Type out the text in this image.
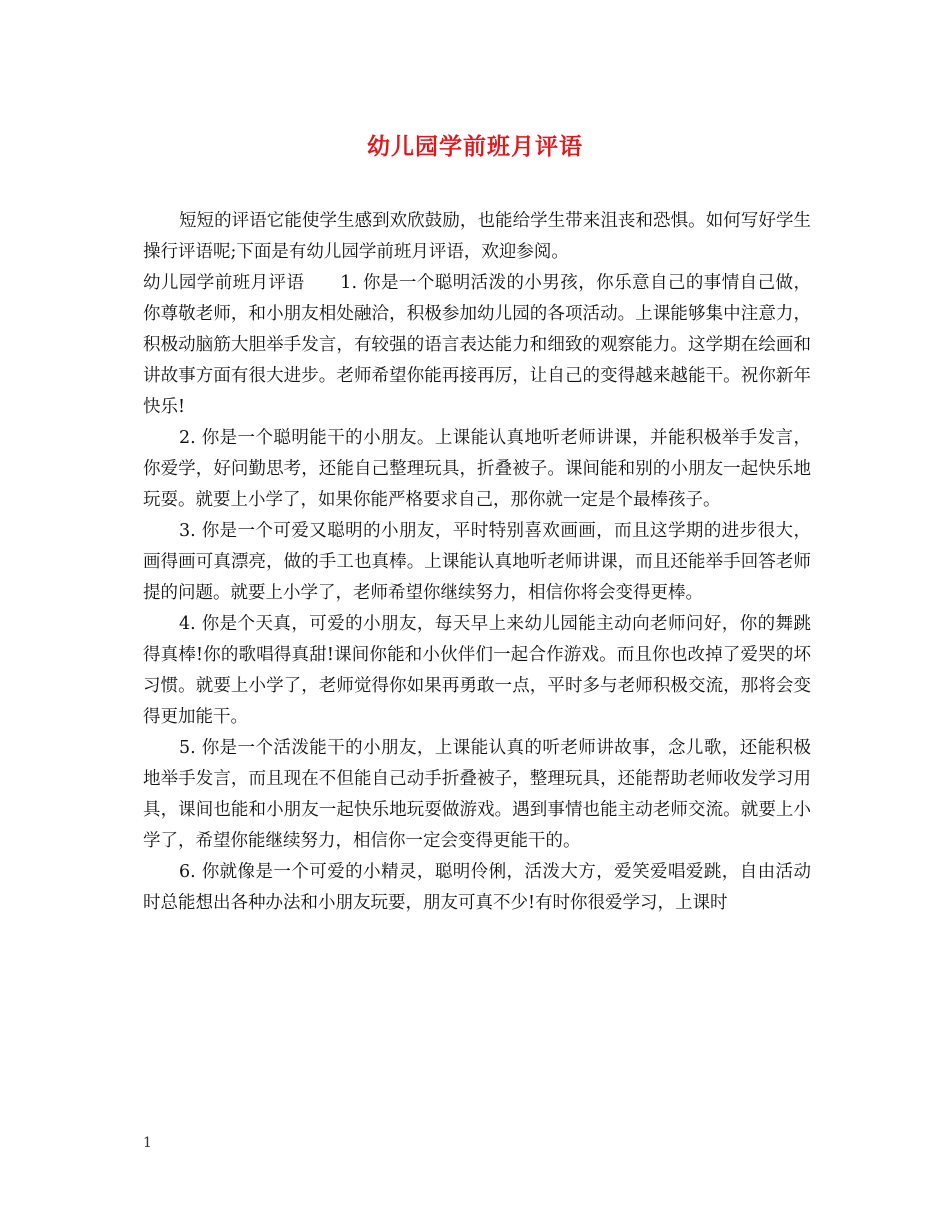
幼儿园学前班月评语

短短的评语它能使学生感到欢欣鼓励，也能给学生带来沮丧和恐惧。如何写好学生操行评语呢;下面是有幼儿园学前班月评语，欢迎参阅。

幼儿园学前班月评语　　1. 你是一个聪明活泼的小男孩，你乐意自己的事情自己做，你尊敬老师，和小朋友相处融洽，积极参加幼儿园的各项活动。上课能够集中注意力，积极动脑筋大胆举手发言，有较强的语言表达能力和细致的观察能力。这学期在绘画和讲故事方面有很大进步。老师希望你能再接再厉，让自己的变得越来越能干。祝你新年快乐!

2. 你是一个聪明能干的小朋友。上课能认真地听老师讲课，并能积极举手发言，你爱学，好问勤思考，还能自己整理玩具，折叠被子。课间能和别的小朋友一起快乐地玩耍。就要上小学了，如果你能严格要求自己，那你就一定是个最棒孩子。

3. 你是一个可爱又聪明的小朋友，平时特别喜欢画画，而且这学期的进步很大，画得画可真漂亮，做的手工也真棒。上课能认真地听老师讲课，而且还能举手回答老师提的问题。就要上小学了，老师希望你继续努力，相信你将会变得更棒。

4. 你是个天真，可爱的小朋友，每天早上来幼儿园能主动向老师问好，你的舞跳得真棒!你的歌唱得真甜!课间你能和小伙伴们一起合作游戏。而且你也改掉了爱哭的坏习惯。就要上小学了，老师觉得你如果再勇敢一点，平时多与老师积极交流，那将会变得更加能干。

5. 你是一个活泼能干的小朋友，上课能认真的听老师讲故事，念儿歌，还能积极地举手发言，而且现在不但能自己动手折叠被子，整理玩具，还能帮助老师收发学习用具，课间也能和小朋友一起快乐地玩耍做游戏。遇到事情也能主动老师交流。就要上小学了，希望你能继续努力，相信你一定会变得更能干的。

6. 你就像是一个可爱的小精灵，聪明伶俐，活泼大方，爱笑爱唱爱跳，自由活动时总能想出各种办法和小朋友玩要，朋友可真不少!有时你很爱学习，上课时

1
